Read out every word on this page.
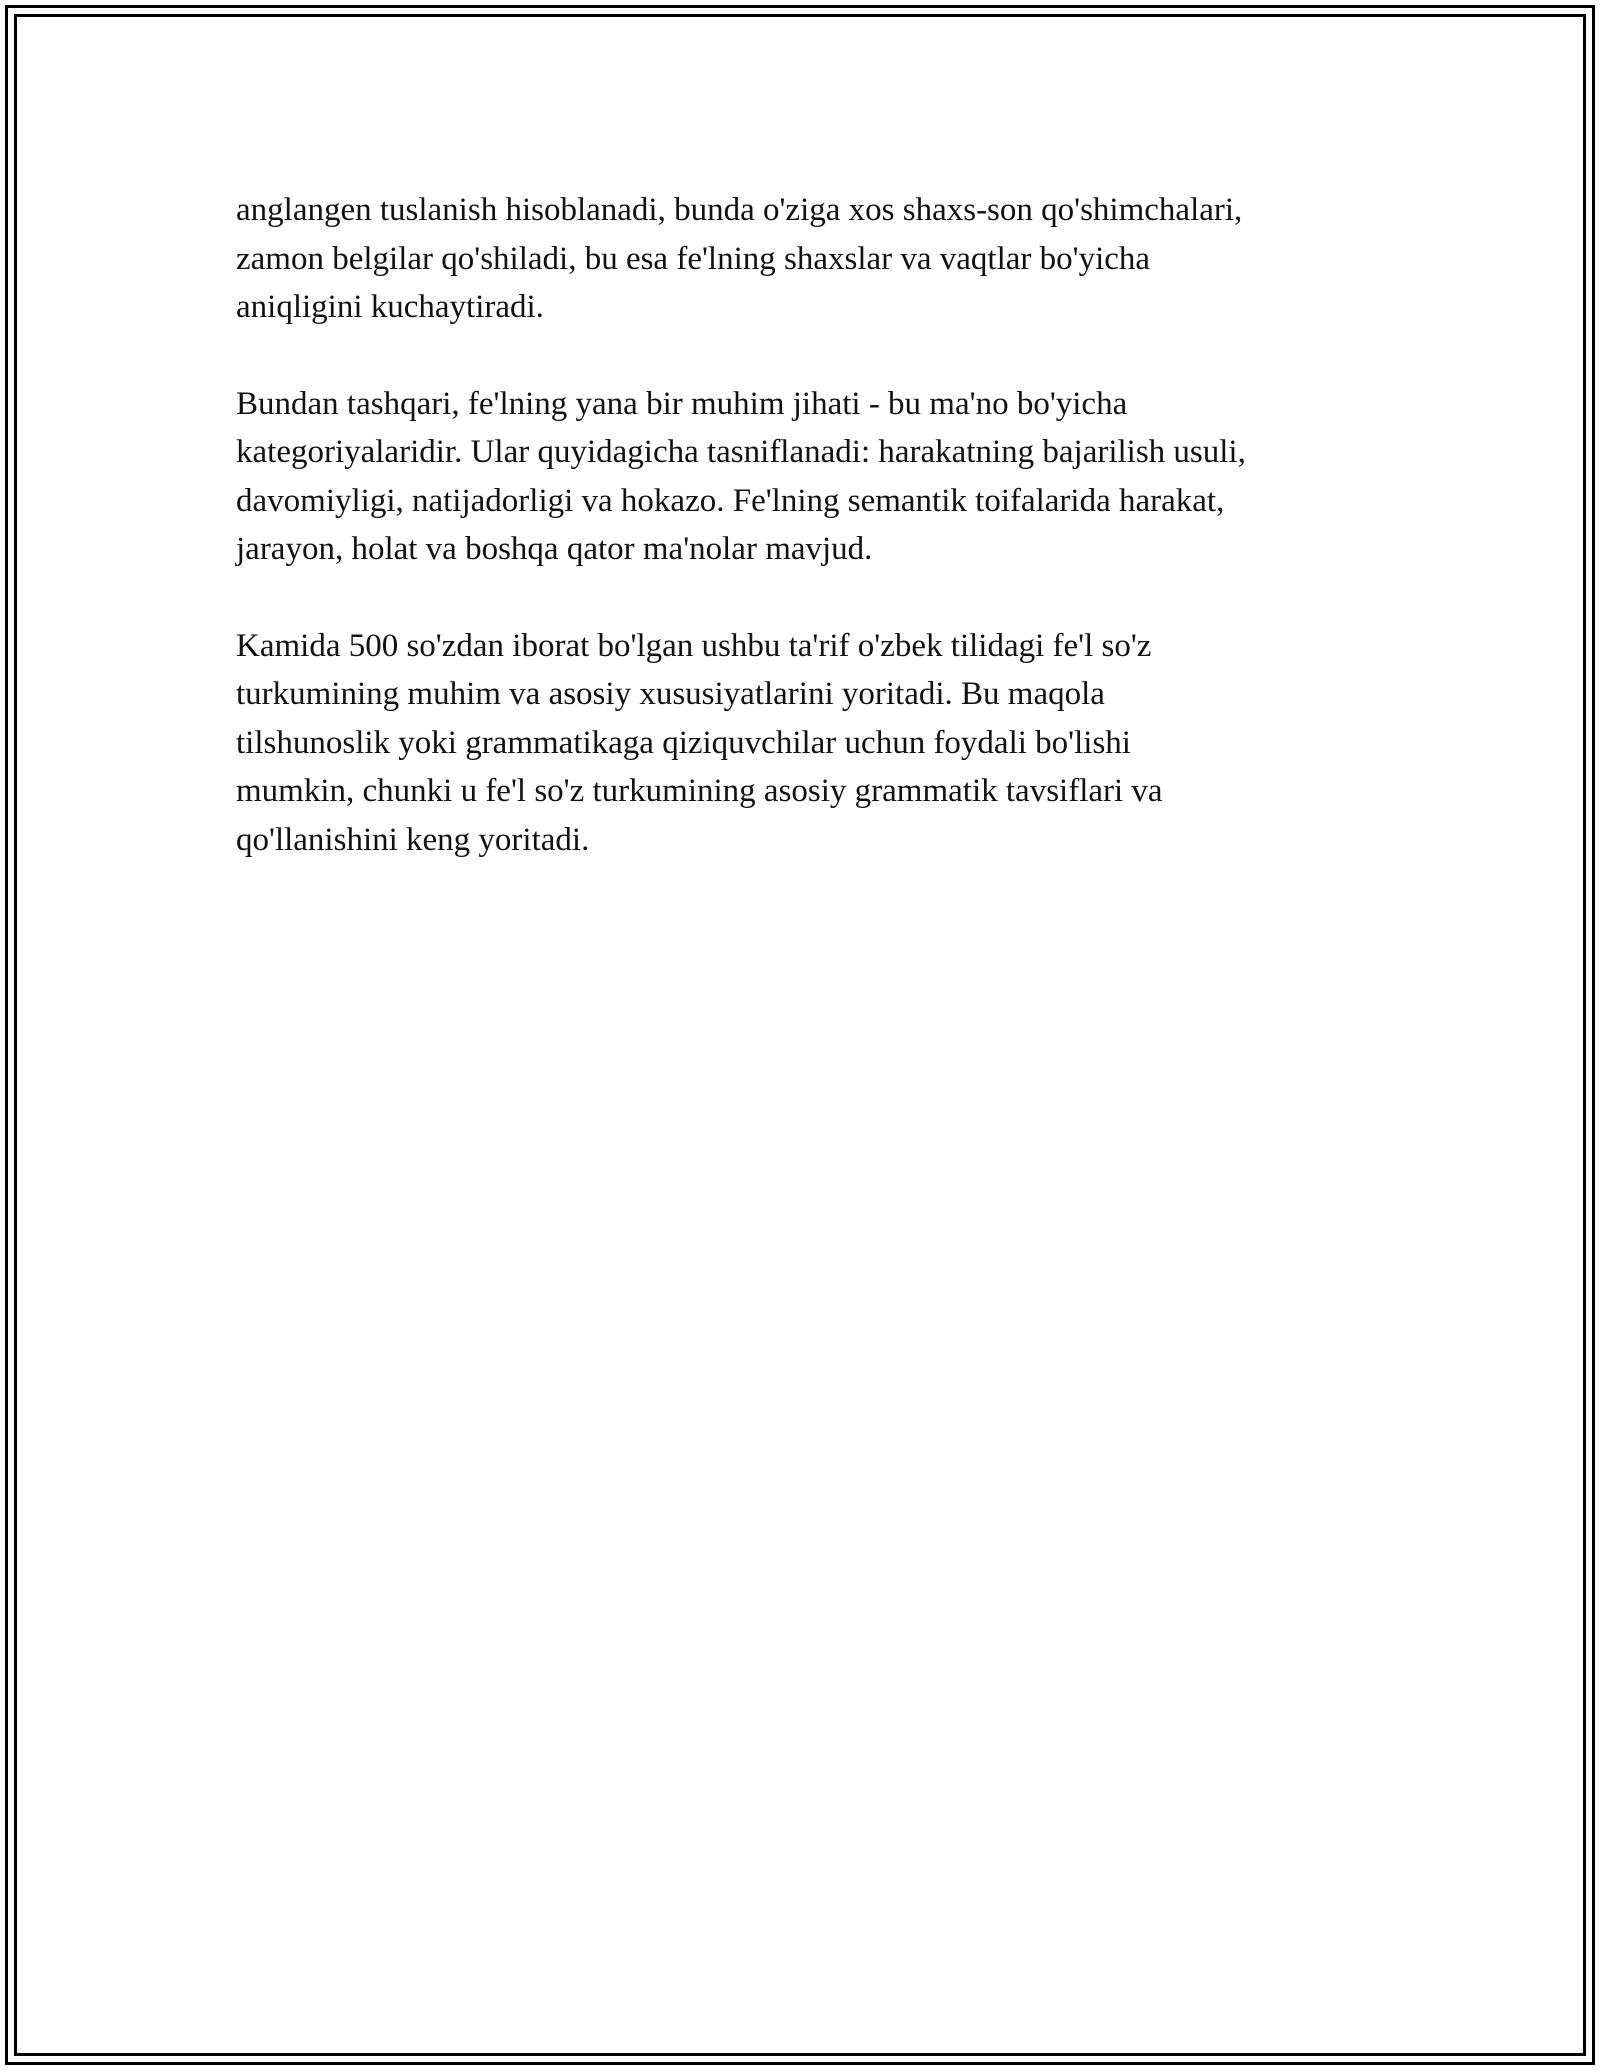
anglangen tuslanish hisoblanadi, bunda o'ziga xos shaxs-son qo'shimchalari,
zamon belgilar qo'shiladi, bu esa fe'lning shaxslar va vaqtlar bo'yicha
aniqligini kuchaytiradi.

Bundan tashqari, fe'lning yana bir muhim jihati - bu ma'no bo'yicha
kategoriyalaridir. Ular quyidagicha tasniflanadi: harakatning bajarilish usuli,
davomiyligi, natijadorligi va hokazo. Fe'lning semantik toifalarida harakat,
jarayon, holat va boshqa qator ma'nolar mavjud.

Kamida 500 so'zdan iborat bo'lgan ushbu ta'rif o'zbek tilidagi fe'l so'z
turkumining muhim va asosiy xususiyatlarini yoritadi. Bu maqola
tilshunoslik yoki grammatikaga qiziquvchilar uchun foydali bo'lishi
mumkin, chunki u fe'l so'z turkumining asosiy grammatik tavsiflari va
qo'llanishini keng yoritadi.
